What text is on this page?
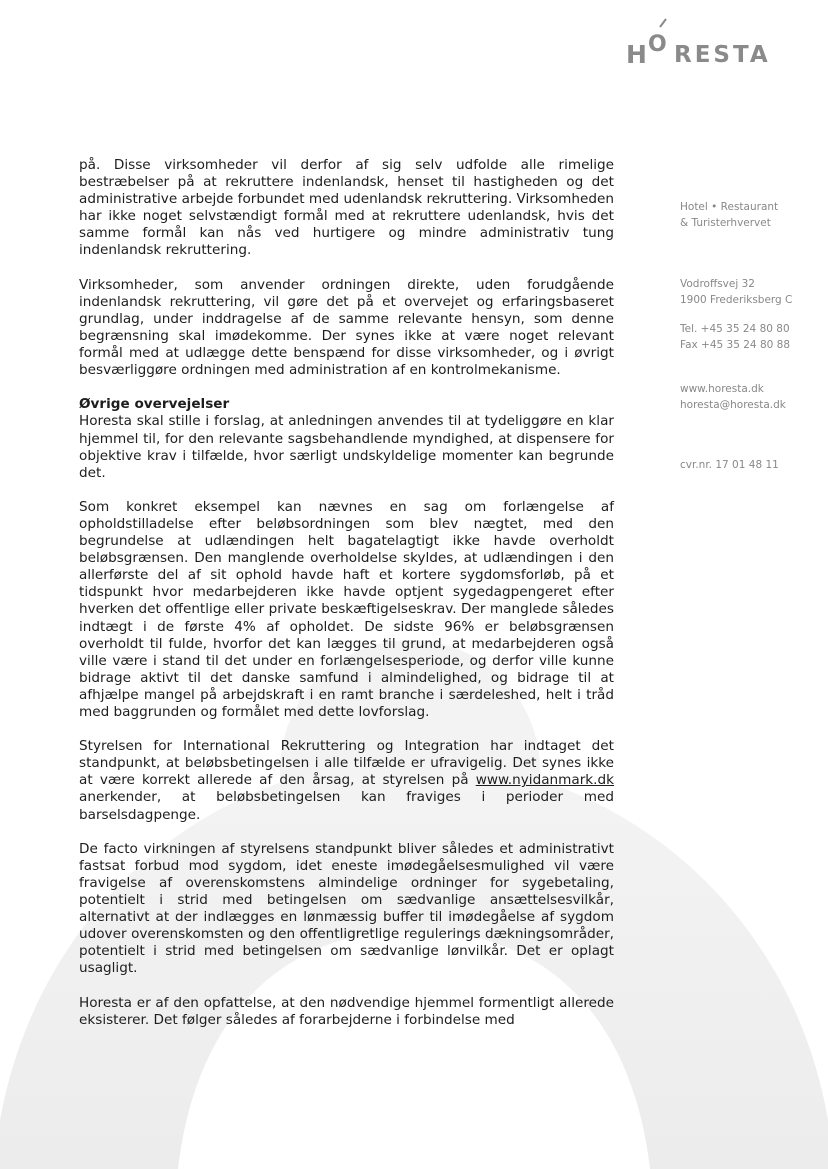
H
O RESTA
Hotel • Restaurant
& Turisterhvervet
Vodroffsvej 32
1900 Frederiksberg C
Tel. +45 35 24 80 80
Fax +45 35 24 80 88
www.horesta.dk
horesta@horesta.dk
cvr.nr. 17 01 48 11

på. Disse virksomheder vil derfor af sig selv udfolde alle rimelige bestræbelser på at rekruttere indenlandsk, henset til hastigheden og det administrative arbejde forbundet med udenlandsk rekruttering. Virksomheden har ikke noget selvstændigt formål med at rekruttere udenlandsk, hvis det samme formål kan nås ved hurtigere og mindre administrativ tung indenlandsk rekruttering.

Virksomheder, som anvender ordningen direkte, uden forudgående indenlandsk rekruttering, vil gøre det på et overvejet og erfaringsbaseret grundlag, under inddragelse af de samme relevante hensyn, som denne begrænsning skal imødekomme. Der synes ikke at være noget relevant formål med at udlægge dette benspænd for disse virksomheder, og i øvrigt besværliggøre ordningen med administration af en kontrolmekanisme.

Øvrige overvejelser

Horesta skal stille i forslag, at anledningen anvendes til at tydeliggøre en klar hjemmel til, for den relevante sagsbehandlende myndighed, at dispensere for objektive krav i tilfælde, hvor særligt undskyldelige momenter kan begrunde det.

Som konkret eksempel kan nævnes en sag om forlængelse af opholdstilladelse efter beløbsordningen som blev nægtet, med den begrundelse at udlændingen helt bagatelagtigt ikke havde overholdt beløbsgrænsen. Den manglende overholdelse skyldes, at udlændingen i den allerførste del af sit ophold havde haft et kortere sygdomsforløb, på et tidspunkt hvor medarbejderen ikke havde optjent sygedagpengeret efter hverken det offentlige eller private beskæftigelseskrav. Der manglede således indtægt i de første 4% af opholdet. De sidste 96% er beløbsgrænsen overholdt til fulde, hvorfor det kan lægges til grund, at medarbejderen også ville være i stand til det under en forlængelsesperiode, og derfor ville kunne bidrage aktivt til det danske samfund i almindelighed, og bidrage til at afhjælpe mangel på arbejdskraft i en ramt branche i særdeleshed, helt i tråd med baggrunden og formålet med dette lovforslag.

Styrelsen for International Rekruttering og Integration har indtaget det standpunkt, at beløbsbetingelsen i alle tilfælde er ufravigelig. Det synes ikke at være korrekt allerede af den årsag, at styrelsen på www.nyidanmark.dk anerkender, at beløbsbetingelsen kan fraviges i perioder med barselsdagpenge.

De facto virkningen af styrelsens standpunkt bliver således et administrativt fastsat forbud mod sygdom, idet eneste imødegåelsesmulighed vil være fravigelse af overenskomstens almindelige ordninger for sygebetaling, potentielt i strid med betingelsen om sædvanlige ansættelsesvilkår, alternativt at der indlægges en lønmæssig buffer til imødegåelse af sygdom udover overenskomsten og den offentligretlige regulerings dækningsområder, potentielt i strid med betingelsen om sædvanlige lønvilkår. Det er oplagt usagligt.

Horesta er af den opfattelse, at den nødvendige hjemmel formentligt allerede eksisterer. Det følger således af forarbejderne i forbindelse med
